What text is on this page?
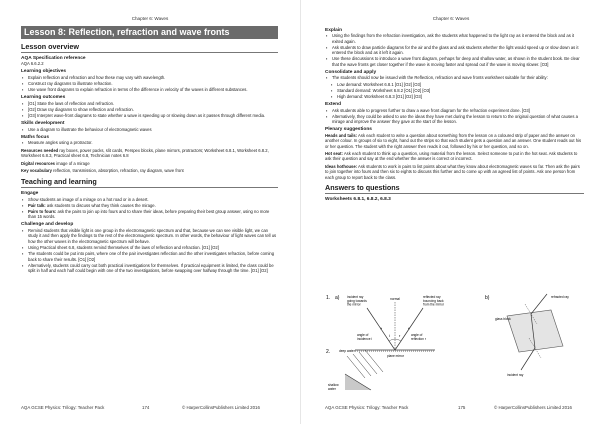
Chapter 6: Waves
Lesson 8: Reflection, refraction and wave fronts
Lesson overview
AQA Specification reference
AQA 6.6.2.2
Learning objectives
▪ Explain reflection and refraction and how these may vary with wavelength.
▪ Construct ray diagrams to illustrate refraction.
▪ Use wave front diagrams to explain refraction in terms of the difference in velocity of the waves in different substances.
Learning outcomes
▪ [O1] State the laws of reflection and refraction.
▪ [O2] Draw ray diagrams to show reflection and refraction.
▪ [O3] Interpret wave-front diagrams to state whether a wave is speeding up or slowing down as it passes through different media.
Skills development
▪ Use a diagram to illustrate the behaviour of electromagnetic waves
Maths focus
▪ Measure angles using a protractor.
Resources needed ray boxes, power packs, slit cards, Perspex blocks, plane mirrors, protractors; Worksheet 6.8.1, Worksheet 6.8.2, Worksheet 6.8.3, Practical sheet 6.8, Technician notes 6.8
Digital resources image of a mirage
Key vocabulary reflection, transmission, absorption, refraction, ray diagram, wave front
Teaching and learning
Engage
▪ Show students an image of a mirage on a hot road or in a desert.
▪ Pair talk: ask students to discuss what they think causes the mirage.
▪ Pairs to fours: ask the pairs to join up into fours and to share their ideas, before preparing their best group answer, using no more than 15 words.
Challenge and develop
▪ Remind students that visible light is one group in the electromagnetic spectrum and that, because we can see visible light, we can study it and then apply the findings to the rest of the electromagnetic spectrum. In other words, the behaviour of light waves can tell us how the other waves in the electromagnetic spectrum will behave.
▪ Using Practical sheet 6.8, students remind themselves of the laws of reflection and refraction. [O1] [O2]
▪ The students could be put into pairs, where one of the pair investigates reflection and the other investigates refraction, before coming back to share their results. [O1] [O2]
▪ Alternatively, students could carry out both practical investigations for themselves. If practical equipment is limited, the class could be split in half and each half could begin with one of the two investigations, before swapping over halfway through the time. [O1] [O2]
AQA GCSE Physics: Trilogy: Teacher Pack	174	© HarperCollinsPublishers Limited 2016
Chapter 6: Waves
Explain
▪ Using the findings from the refraction investigation, ask the students what happened to the light ray as it entered the block and as it exited again.
▪ Ask students to draw particle diagrams for the air and the glass and ask students whether the light would speed up or slow down as it entered the block and as it left it again.
▪ Use these discussions to introduce a wave front diagram, perhaps for deep and shallow water, as shown in the student book. Be clear that the wave fronts get closer together if the wave is moving faster and spread out if the wave is moving slower. [O3]
Consolidate and apply
▪ The students should now be issued with the Reflection, refraction and wave fronts worksheet suitable for their ability:
▪ Low demand: Worksheet 6.8.1 [O1] [O2] [O3]
▪ Standard demand: Worksheet 6.8.2 [O1] [O2] [O3]
▪ High demand: Worksheet 6.8.3 [O1] [O2] [O3]
Extend
▪ Ask students able to progress further to draw a wave front diagram for the refraction experiment done. [O3]
▪ Alternatively, they could be asked to use the ideas they have met during the lesson to return to the original question of what causes a mirage and improve the answer they gave at the start of the lesson.
Plenary suggestions
Heads and tails: Ask each student to write a question about something from the lesson on a coloured strip of paper and the answer on another colour. In groups of six to eight, hand out the strips so that each student gets a question and an answer. One student reads out his or her question. The student with the right answer then reads it out, followed by his or her question, and so on.
Hot seat: Ask each student to think up a question, using material from the lesson. Select someone to put in the hot seat. Ask students to ask their question and say at the end whether the answer is correct or incorrect.
Ideas hothouse: Ask students to work in pairs to list points about what they know about electromagnetic waves so far. Then ask the pairs to join together into fours and then six to eights to discuss this further and to come up with an agreed list of points. Ask one person from each group to report back to the class.
Answers to questions
Worksheets 6.8.1, 6.8.2, 6.8.3
1. a)	b)
i r
incident ray going towards the mirror
normal	reflected ray bouncing back from the mirror
angle of incidence i
angle of reflection r
plane mirror
refracted ray
glass block
incident ray
2.	deep water
shallow water
AQA GCSE Physics: Trilogy: Teacher Pack	175	© HarperCollinsPublishers Limited 2016
